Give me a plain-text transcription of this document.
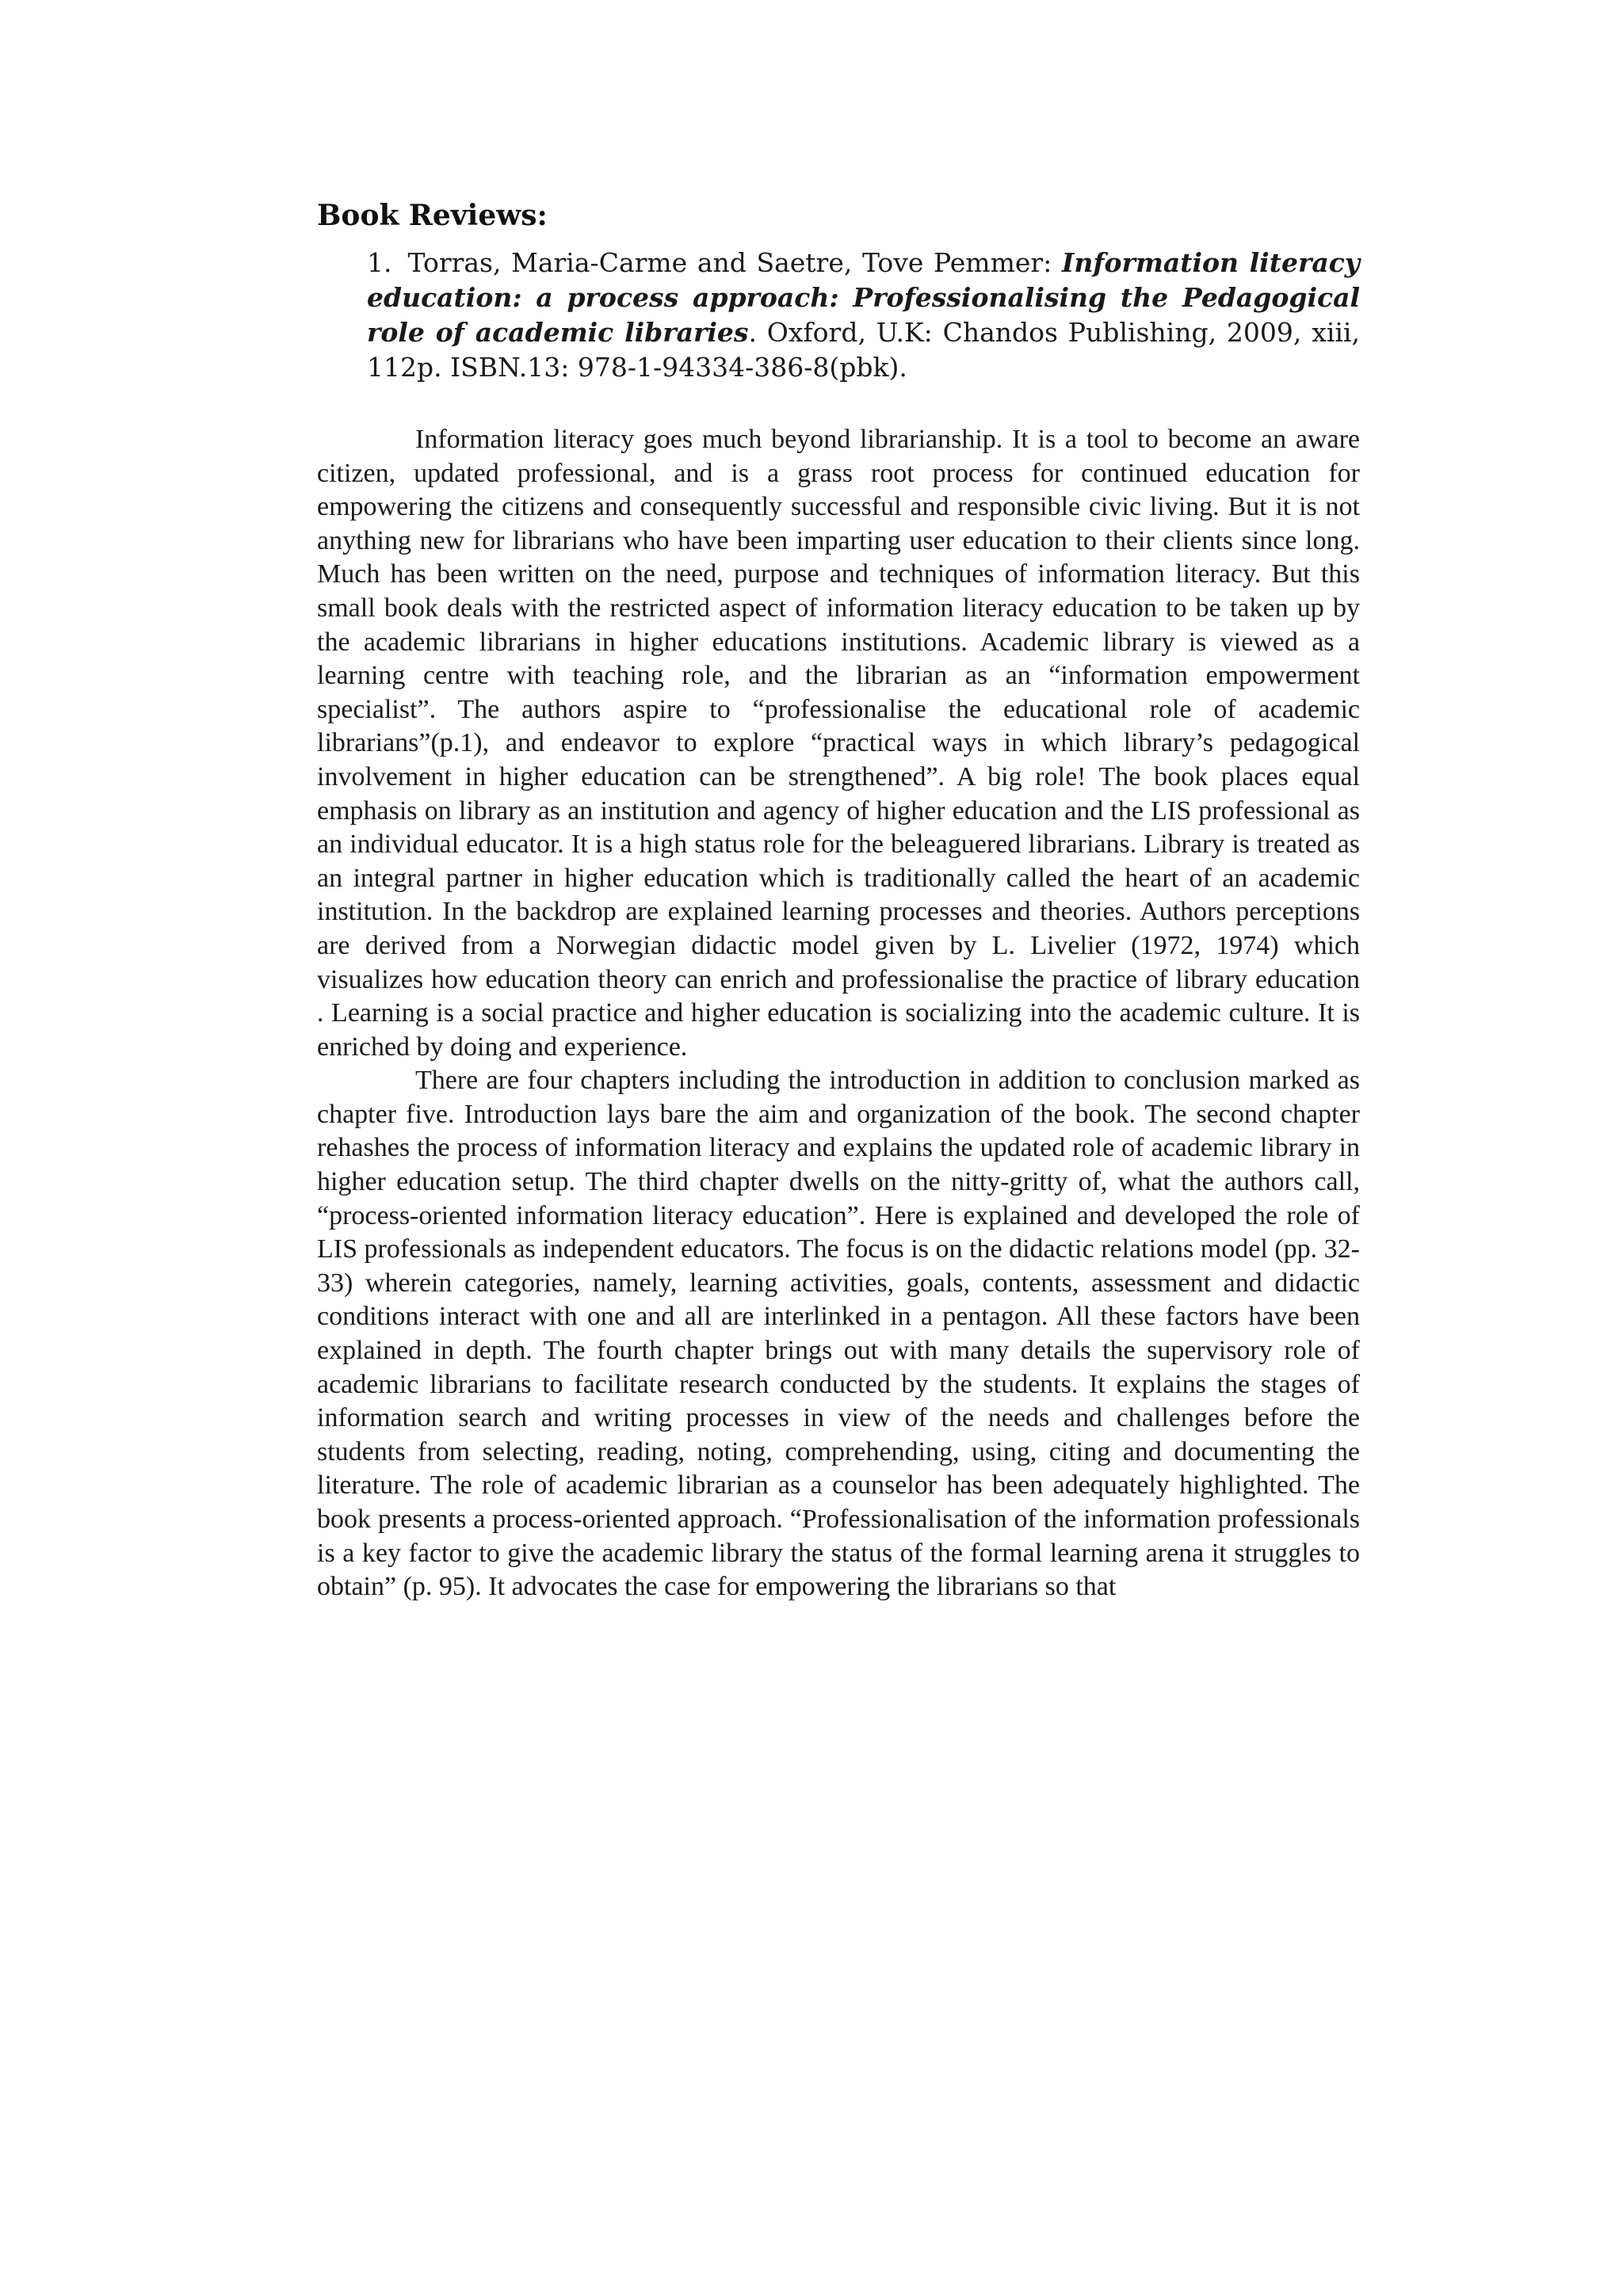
Book Reviews:
1. Torras, Maria-Carme and Saetre, Tove Pemmer: Information literacy education: a process approach: Professionalising the Pedagogical role of academic libraries. Oxford, U.K: Chandos Publishing, 2009, xiii, 112p. ISBN.13: 978-1-94334-386-8(pbk).

Information literacy goes much beyond librarianship. It is a tool to become an aware citizen, updated professional, and is a grass root process for continued education for empowering the citizens and consequently successful and responsible civic living. But it is not anything new for librarians who have been imparting user education to their clients since long. Much has been written on the need, purpose and techniques of information literacy. But this small book deals with the restricted aspect of information literacy education to be taken up by the academic librarians in higher educations institutions. Academic library is viewed as a learning centre with teaching role, and the librarian as an “information empowerment specialist”. The authors aspire to “professionalise the educational role of academic librarians”(p.1), and endeavor to explore “practical ways in which library’s pedagogical involvement in higher education can be strengthened”. A big role! The book places equal emphasis on library as an institution and agency of higher education and the LIS professional as an individual educator. It is a high status role for the beleaguered librarians. Library is treated as an integral partner in higher education which is traditionally called the heart of an academic institution. In the backdrop are explained learning processes and theories. Authors perceptions are derived from a Norwegian didactic model given by L. Livelier (1972, 1974) which visualizes how education theory can enrich and professionalise the practice of library education . Learning is a social practice and higher education is socializing into the academic culture. It is enriched by doing and experience.

There are four chapters including the introduction in addition to conclusion marked as chapter five. Introduction lays bare the aim and organization of the book. The second chapter rehashes the process of information literacy and explains the updated role of academic library in higher education setup. The third chapter dwells on the nitty-gritty of, what the authors call, “process-oriented information literacy education”. Here is explained and developed the role of LIS professionals as independent educators. The focus is on the didactic relations model (pp. 32-33) wherein categories, namely, learning activities, goals, contents, assessment and didactic conditions interact with one and all are interlinked in a pentagon. All these factors have been explained in depth. The fourth chapter brings out with many details the supervisory role of academic librarians to facilitate research conducted by the students. It explains the stages of information search and writing processes in view of the needs and challenges before the students from selecting, reading, noting, comprehending, using, citing and documenting the literature. The role of academic librarian as a counselor has been adequately highlighted. The book presents a process-oriented approach. “Professionalisation of the information professionals is a key factor to give the academic library the status of the formal learning arena it struggles to obtain” (p. 95). It advocates the case for empowering the librarians so that
